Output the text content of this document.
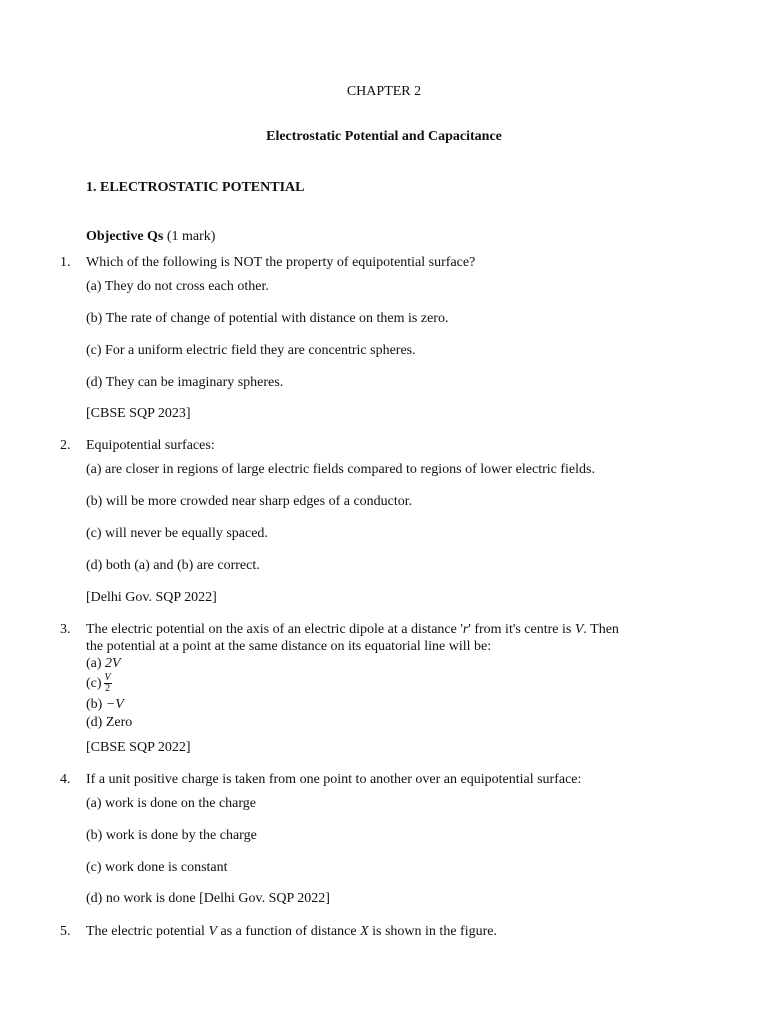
CHAPTER 2
Electrostatic Potential and Capacitance
1. ELECTROSTATIC POTENTIAL
Objective Qs (1 mark)
1. Which of the following is NOT the property of equipotential surface?
(a) They do not cross each other.
(b) The rate of change of potential with distance on them is zero.
(c) For a uniform electric field they are concentric spheres.
(d) They can be imaginary spheres.
[CBSE SQP 2023]
2. Equipotential surfaces:
(a) are closer in regions of large electric fields compared to regions of lower electric fields.
(b) will be more crowded near sharp edges of a conductor.
(c) will never be equally spaced.
(d) both (a) and (b) are correct.
[Delhi Gov. SQP 2022]
3. The electric potential on the axis of an electric dipole at a distance 'r' from it's centre is V. Then
the potential at a point at the same distance on its equatorial line will be:
(a) 2V
$(c) \frac{V}{2}$
(b) −V
(d) Zero
[CBSE SQP 2022]
4. If a unit positive charge is taken from one point to another over an equipotential surface:
(a) work is done on the charge
(b) work is done by the charge
(c) work done is constant
(d) no work is done [Delhi Gov. SQP 2022]
5. The electric potential V as a function of distance X is shown in the figure.
